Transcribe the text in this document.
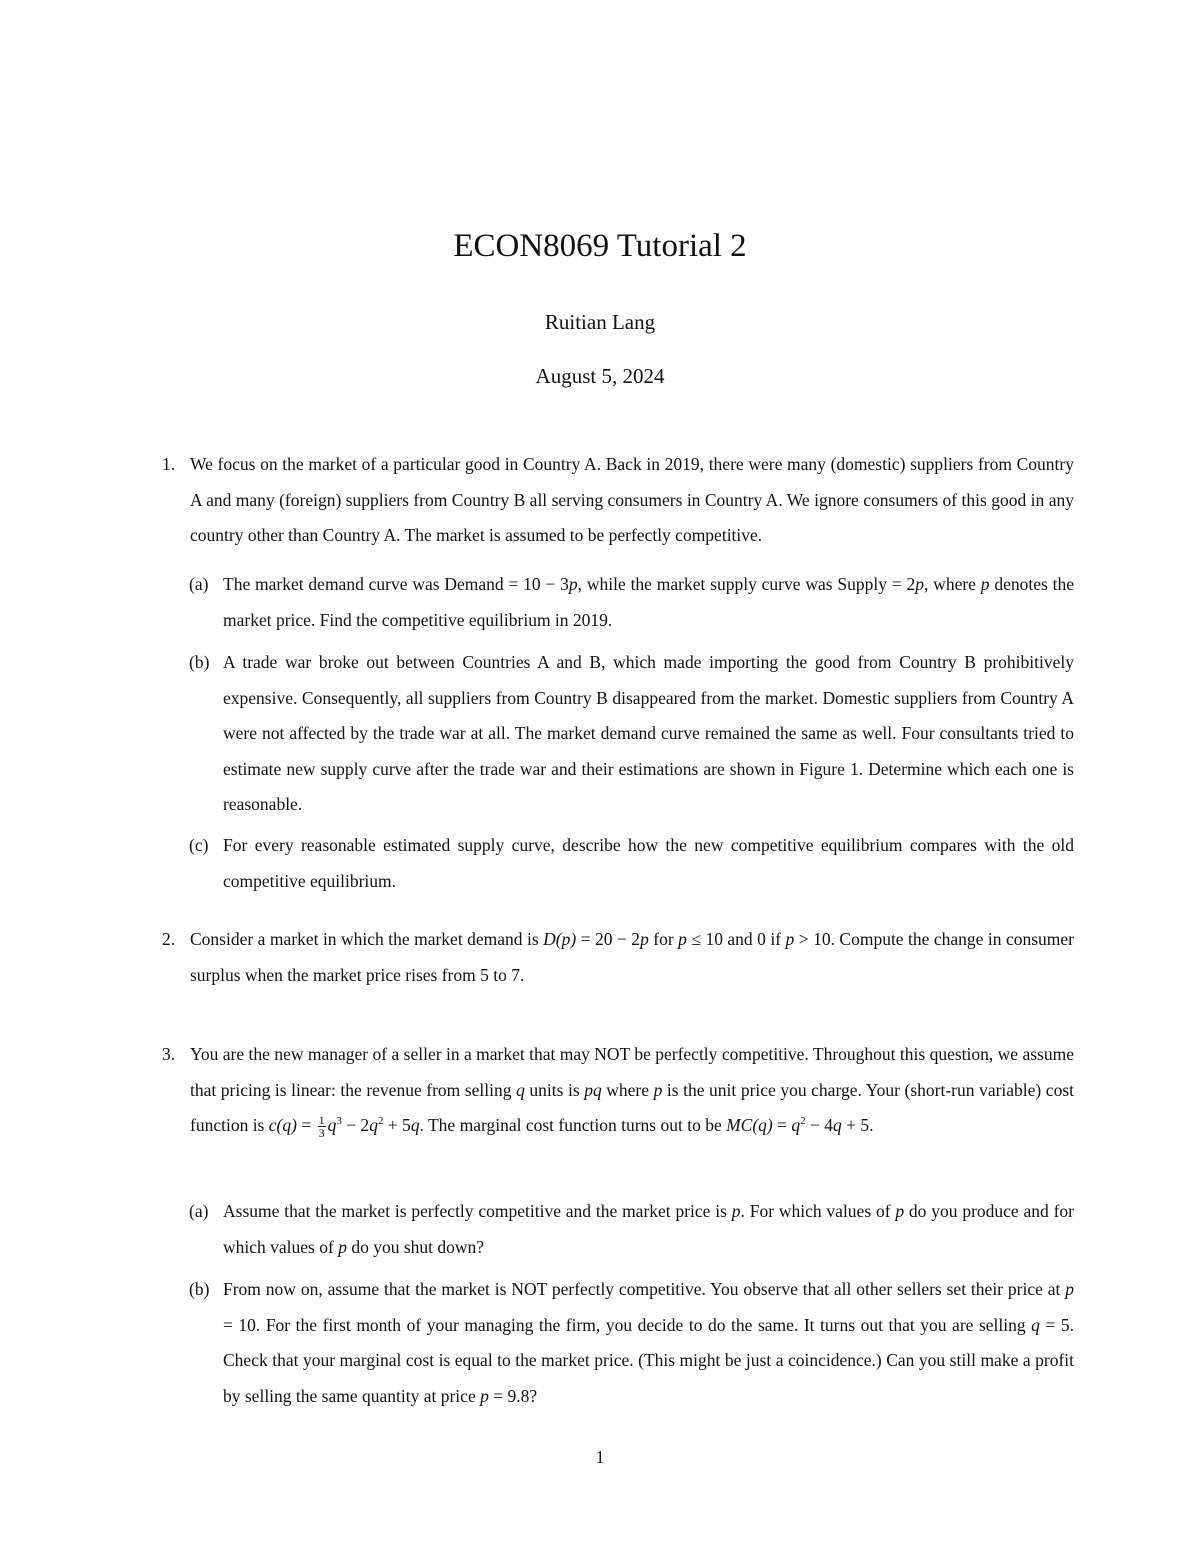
ECON8069 Tutorial 2
Ruitian Lang
August 5, 2024
1. We focus on the market of a particular good in Country A. Back in 2019, there were many (domestic) suppliers from Country A and many (foreign) suppliers from Country B all serving consumers in Country A. We ignore consumers of this good in any country other than Country A. The market is assumed to be perfectly competitive.
(a) The market demand curve was Demand = 10 − 3p, while the market supply curve was Supply = 2p, where p denotes the market price. Find the competitive equilibrium in 2019.
(b) A trade war broke out between Countries A and B, which made importing the good from Country B prohibitively expensive. Consequently, all suppliers from Country B disappeared from the market. Domestic suppliers from Country A were not affected by the trade war at all. The market demand curve remained the same as well. Four consultants tried to estimate new supply curve after the trade war and their estimations are shown in Figure 1. Determine which each one is reasonable.
(c) For every reasonable estimated supply curve, describe how the new competitive equilibrium compares with the old competitive equilibrium.
2. Consider a market in which the market demand is D(p) = 20 − 2p for p ≤ 10 and 0 if p > 10. Compute the change in consumer surplus when the market price rises from 5 to 7.
3. You are the new manager of a seller in a market that may NOT be perfectly competitive. Throughout this question, we assume that pricing is linear: the revenue from selling q units is pq where p is the unit price you charge. Your (short-run variable) cost function is $c(q) = \frac{1}{3} q^3 - 2q^2 + 5q$. The marginal cost function turns out to be $MC(q) = q^2 - 4q + 5$.
(a) Assume that the market is perfectly competitive and the market price is p. For which values of p do you produce and for which values of p do you shut down?
(b) From now on, assume that the market is NOT perfectly competitive. You observe that all other sellers set their price at p = 10. For the first month of your managing the firm, you decide to do the same. It turns out that you are selling q = 5. Check that your marginal cost is equal to the market price. (This might be just a coincidence.) Can you still make a profit by selling the same quantity at price p = 9.8?
1
